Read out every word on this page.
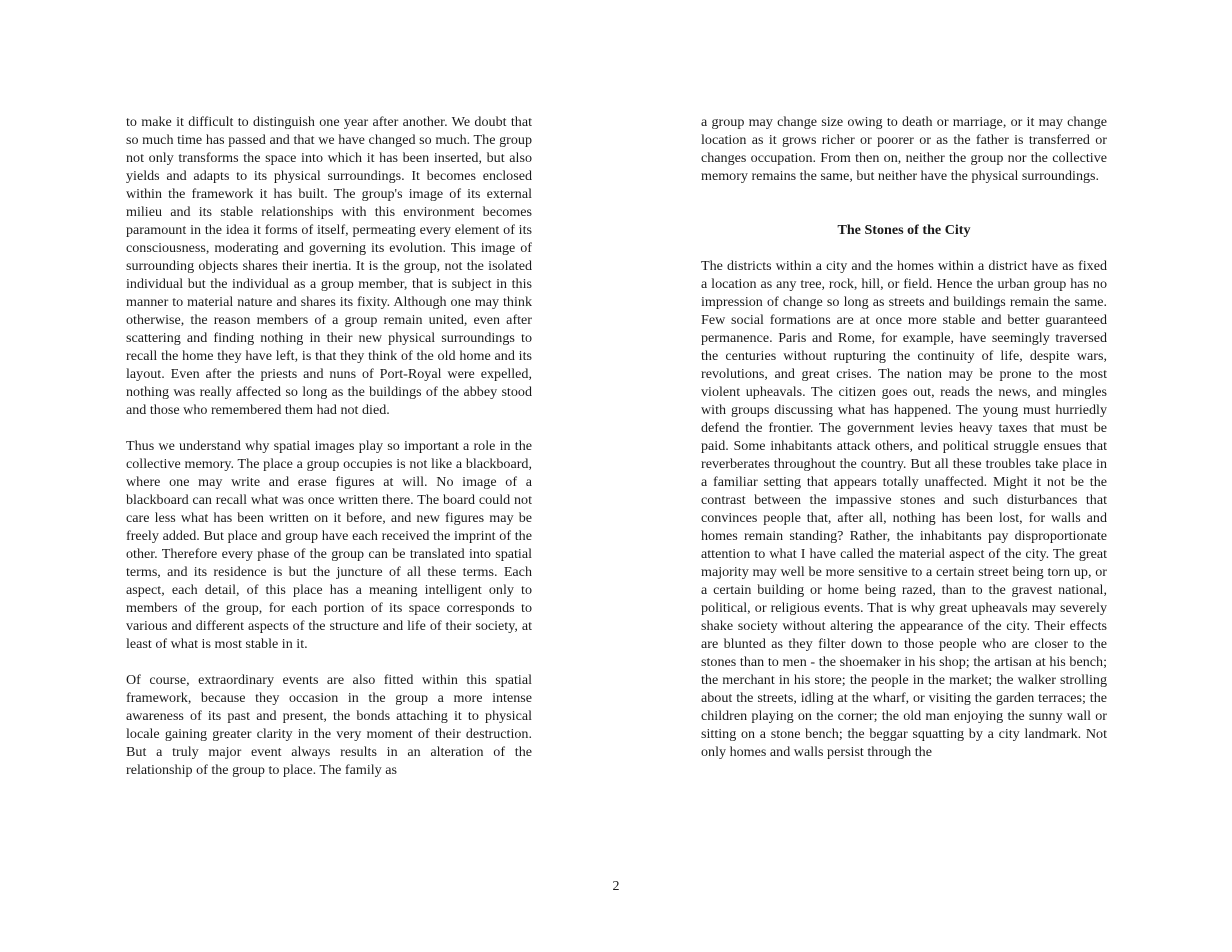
to make it difficult to distinguish one year after another. We doubt that so much time has passed and that we have changed so much. The group not only transforms the space into which it has been inserted, but also yields and adapts to its physical surroundings. It becomes enclosed within the framework it has built. The group's image of its external milieu and its stable relationships with this environment becomes paramount in the idea it forms of itself, permeating every element of its consciousness, moderating and governing its evolution. This image of surrounding objects shares their inertia. It is the group, not the isolated individual but the individual as a group member, that is subject in this manner to material nature and shares its fixity. Although one may think otherwise, the reason members of a group remain united, even after scattering and finding nothing in their new physical surroundings to recall the home they have left, is that they think of the old home and its layout. Even after the priests and nuns of Port-Royal were expelled, nothing was really affected so long as the buildings of the abbey stood and those who remembered them had not died.

Thus we understand why spatial images play so important a role in the collective memory. The place a group occupies is not like a blackboard, where one may write and erase figures at will. No image of a blackboard can recall what was once written there. The board could not care less what has been written on it before, and new figures may be freely added. But place and group have each received the imprint of the other. Therefore every phase of the group can be translated into spatial terms, and its residence is but the juncture of all these terms. Each aspect, each detail, of this place has a meaning intelligent only to members of the group, for each portion of its space corresponds to various and different aspects of the structure and life of their society, at least of what is most stable in it.

Of course, extraordinary events are also fitted within this spatial framework, because they occasion in the group a more intense awareness of its past and present, the bonds attaching it to physical locale gaining greater clarity in the very moment of their destruction. But a truly major event always results in an alteration of the relationship of the group to place. The family as

a group may change size owing to death or marriage, or it may change location as it grows richer or poorer or as the father is transferred or changes occupation. From then on, neither the group nor the collective memory remains the same, but neither have the physical surroundings.

The Stones of the City

The districts within a city and the homes within a district have as fixed a location as any tree, rock, hill, or field. Hence the urban group has no impression of change so long as streets and buildings remain the same. Few social formations are at once more stable and better guaranteed permanence. Paris and Rome, for example, have seemingly traversed the centuries without rupturing the continuity of life, despite wars, revolutions, and great crises. The nation may be prone to the most violent upheavals. The citizen goes out, reads the news, and mingles with groups discussing what has happened. The young must hurriedly defend the frontier. The government levies heavy taxes that must be paid. Some inhabitants attack others, and political struggle ensues that reverberates throughout the country. But all these troubles take place in a familiar setting that appears totally unaffected. Might it not be the contrast between the impassive stones and such disturbances that convinces people that, after all, nothing has been lost, for walls and homes remain standing? Rather, the inhabitants pay disproportionate attention to what I have called the material aspect of the city. The great majority may well be more sensitive to a certain street being torn up, or a certain building or home being razed, than to the gravest national, political, or religious events. That is why great upheavals may severely shake society without altering the appearance of the city. Their effects are blunted as they filter down to those people who are closer to the stones than to men - the shoemaker in his shop; the artisan at his bench; the merchant in his store; the people in the market; the walker strolling about the streets, idling at the wharf, or visiting the garden terraces; the children playing on the corner; the old man enjoying the sunny wall or sitting on a stone bench; the beggar squatting by a city landmark. Not only homes and walls persist through the

2
